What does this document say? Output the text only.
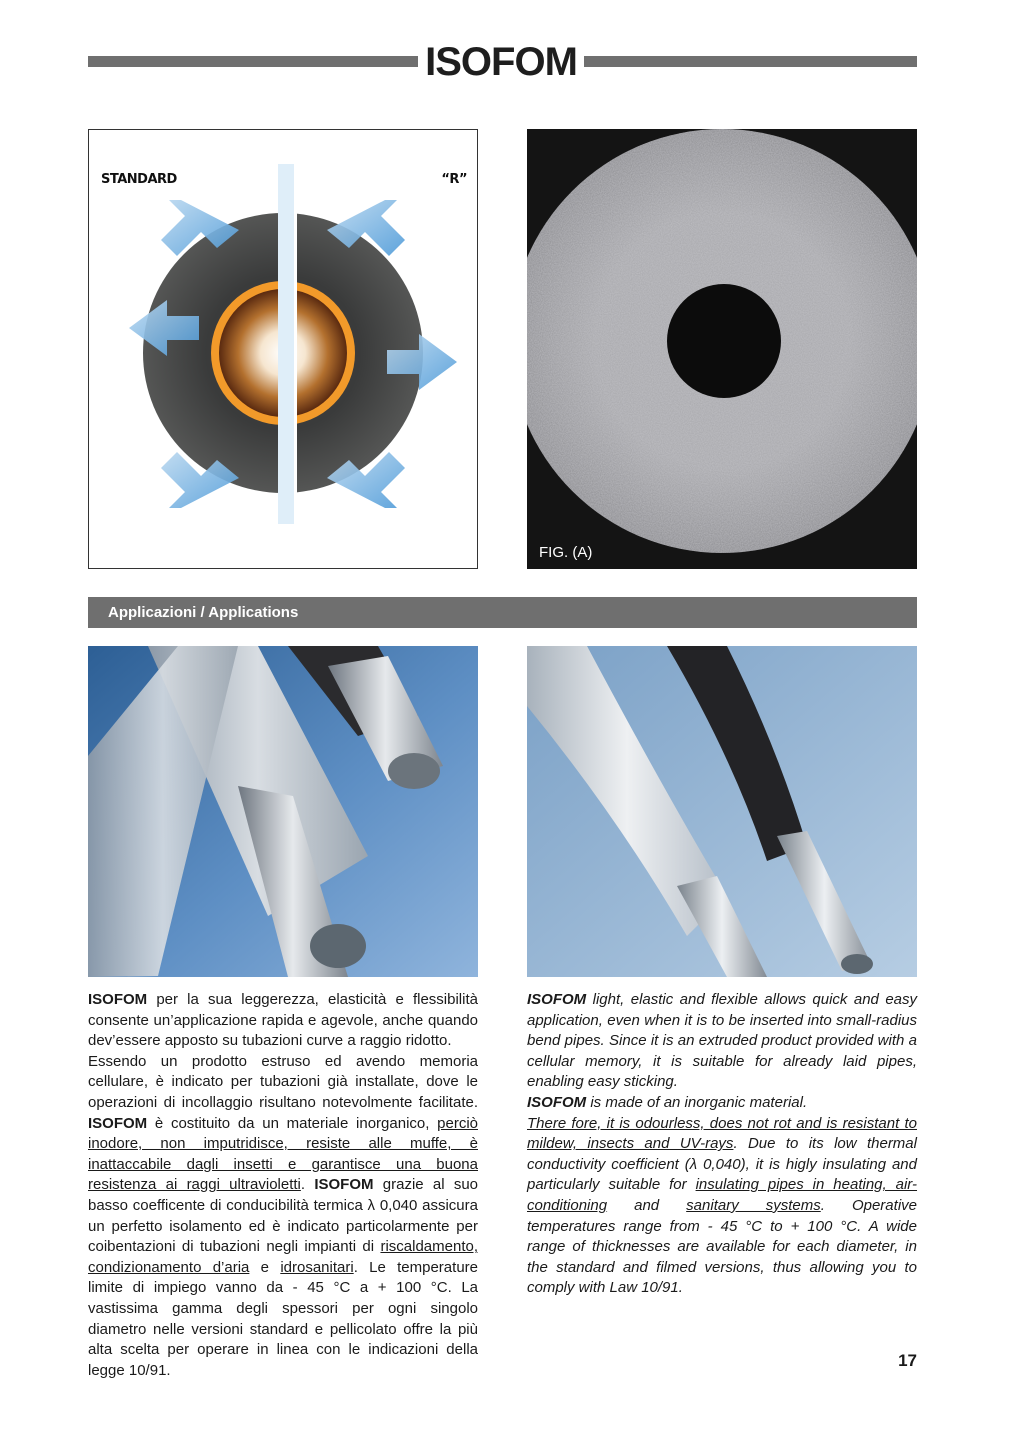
ISOFOM
STANDARD	“R”
FIG. (A)
Applicazioni / Applications

ISOFOM per la sua leggerezza, elasticità e flessibilità consente un’applicazione rapida e agevole, anche quando dev’essere apposto su tubazioni curve a raggio ridotto.

Essendo un prodotto estruso ed avendo memoria cellulare, è indicato per tubazioni già installate, dove le operazioni di incollaggio risultano notevolmente facilitate. ISOFOM è costituito da un materiale inorganico, perciò inodore, non imputridisce, resiste alle muffe, è inattaccabile dagli insetti e garantisce una buona resistenza ai raggi ultravioletti. ISOFOM grazie al suo basso coefficente di conducibilità termica λ 0,040 assicura un perfetto isolamento ed è indicato particolarmente per coibentazioni di tubazioni negli impianti di riscaldamento, condizionamento d’aria e idrosanitari. Le temperature limite di impiego vanno da - 45 °C a + 100 °C. La vastissima gamma degli spessori per ogni singolo diametro nelle versioni standard e pellicolato offre la più alta scelta per operare in linea con le indicazioni della legge 10/91.

ISOFOM light, elastic and flexible allows quick and easy application, even when it is to be inserted into small-radius bend pipes. Since it is an extruded product provided with a cellular memory, it is suitable for already laid pipes, enabling easy sticking.

ISOFOM is made of an inorganic material.

There fore, it is odourless, does not rot and is resistant to mildew, insects and UV-rays. Due to its low thermal conductivity coefficient (λ 0,040), it is higly insulating and particularly suitable for insulating pipes in heating, air-conditioning and sanitary systems. Operative temperatures range from - 45 °C to + 100 °C. A wide range of thicknesses are available for each diameter, in the standard and filmed versions, thus allowing you to comply with Law 10/91.

17
